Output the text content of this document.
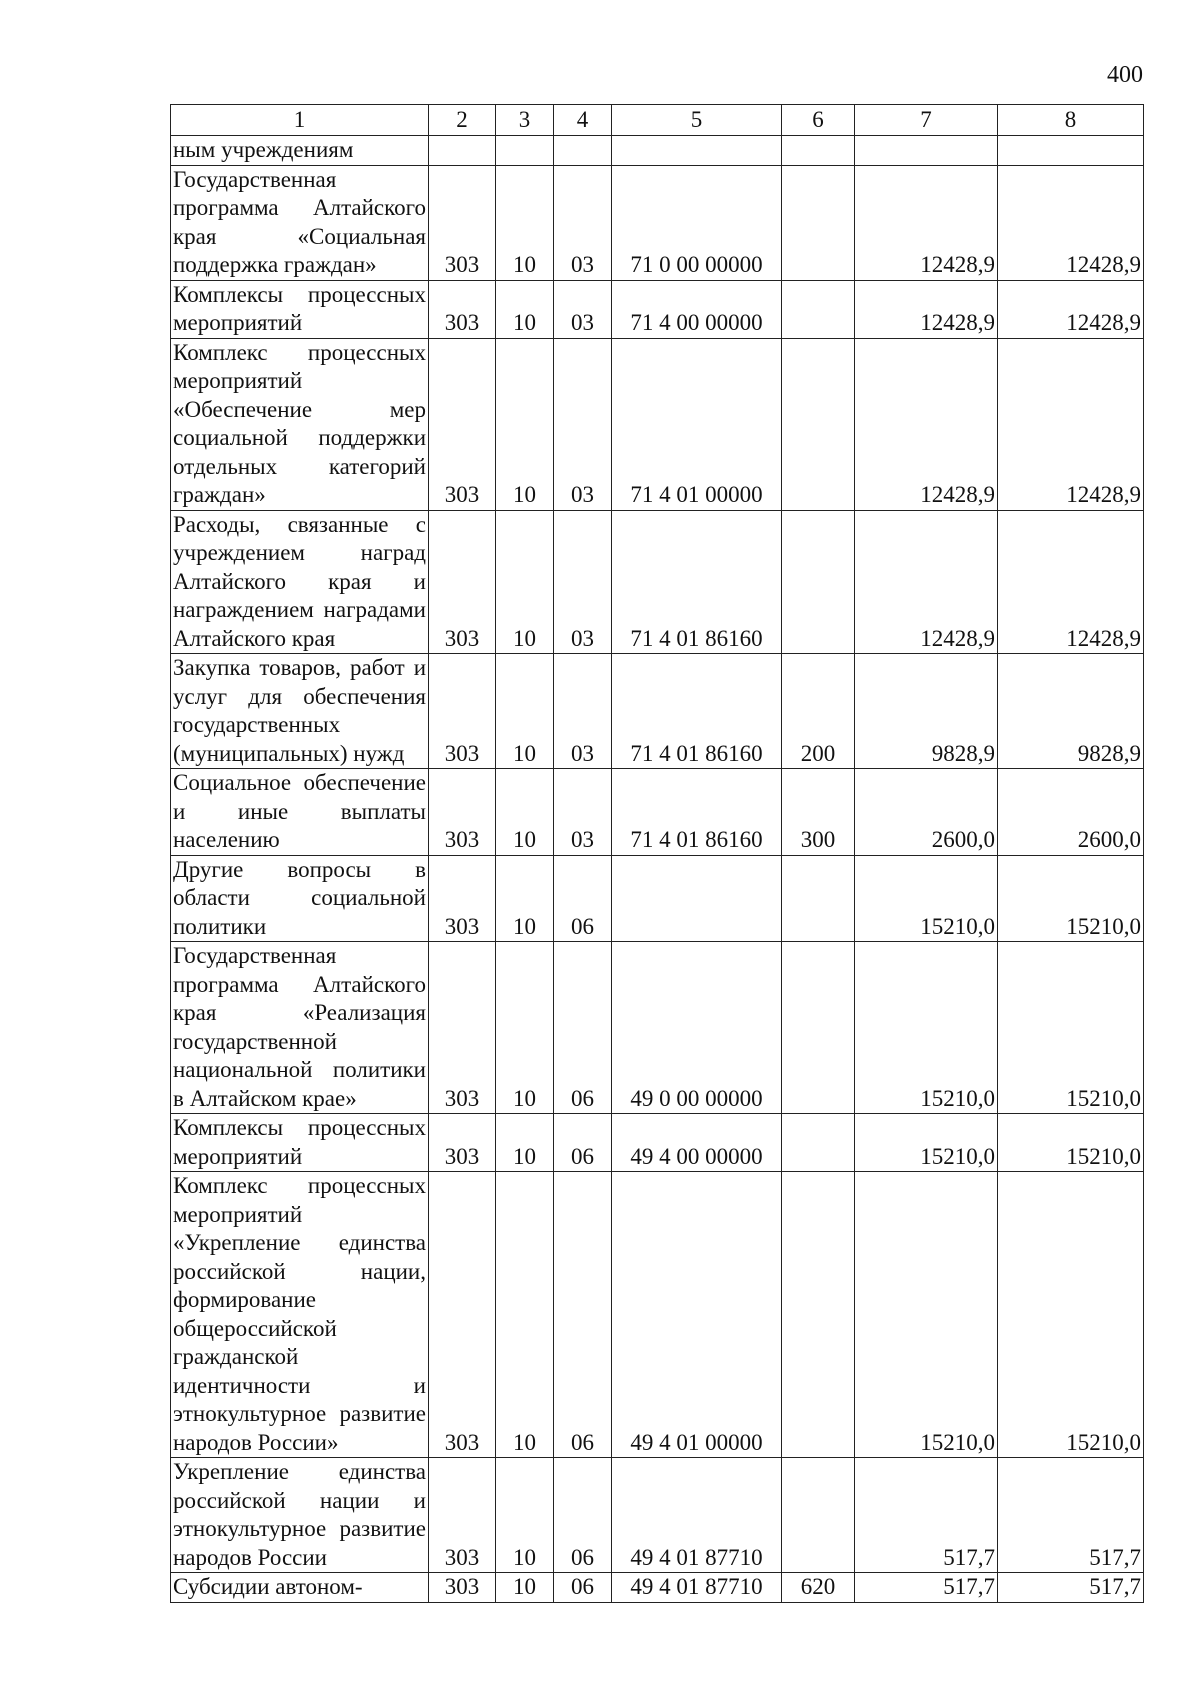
400
1	2	3	4	5	6	7	8
ным учреждениям							
Государственная программа Алтайского края «Социальная поддержка граждан»	303	10	03	71 0 00 00000		12428,9	12428,9
Комплексы процессных мероприятий	303	10	03	71 4 00 00000		12428,9	12428,9
Комплекс процессных мероприятий «Обеспечение мер социальной поддержки отдельных категорий граждан»	303	10	03	71 4 01 00000		12428,9	12428,9
Расходы, связанные с учреждением наград Алтайского края и награждением наградами Алтайского края	303	10	03	71 4 01 86160		12428,9	12428,9
Закупка товаров, работ и услуг для обеспечения государственных (муниципальных) нужд	303	10	03	71 4 01 86160	200	9828,9	9828,9
Социальное обеспечение и иные выплаты населению	303	10	03	71 4 01 86160	300	2600,0	2600,0
Другие вопросы в области социальной политики	303	10	06			15210,0	15210,0
Государственная программа Алтайского края «Реализация государственной национальной политики в Алтайском крае»	303	10	06	49 0 00 00000		15210,0	15210,0
Комплексы процессных мероприятий	303	10	06	49 4 00 00000		15210,0	15210,0
Комплекс процессных мероприятий «Укрепление единства российской нации, формирование общероссийской гражданской идентичности и этнокультурное развитие народов России»	303	10	06	49 4 01 00000		15210,0	15210,0
Укрепление единства российской нации и этнокультурное развитие народов России	303	10	06	49 4 01 87710		517,7	517,7
Субсидии автоном-	303	10	06	49 4 01 87710	620	517,7	517,7
